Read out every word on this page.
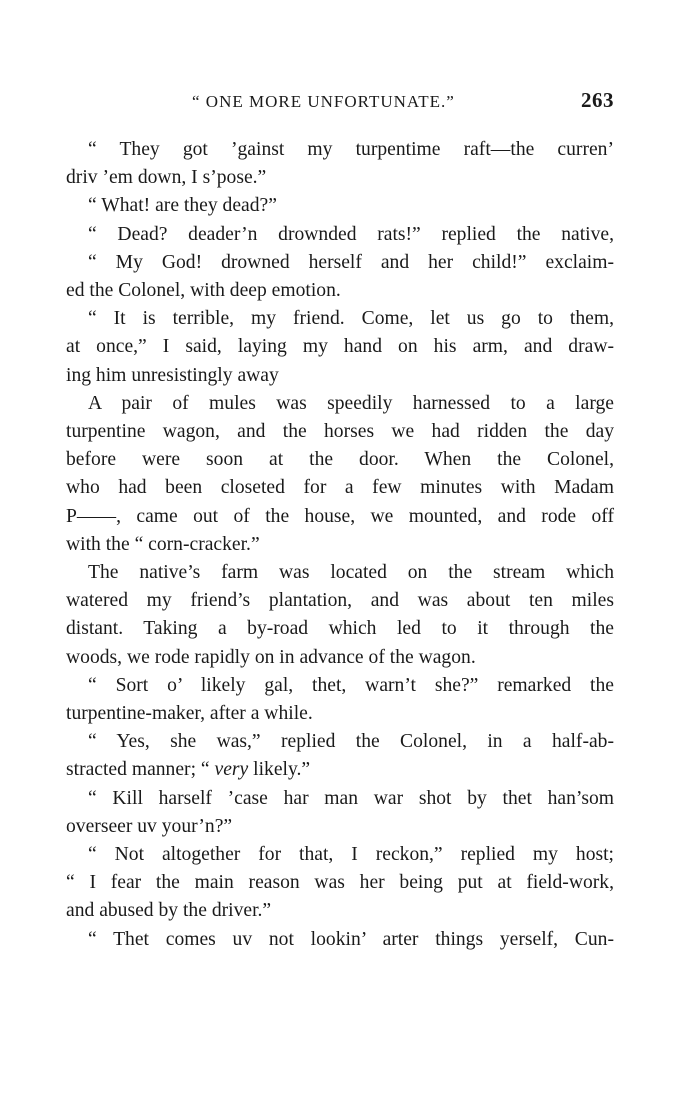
“ ONE MORE UNFORTUNATE.”	263
“ They got ’gainst my turpentime raft—the curren’
driv ’em down, I s’pose.”
“ What! are they dead?”
“ Dead? deader’n drownded rats!” replied the native,
“ My God! drowned herself and her child!” exclaim-
ed the Colonel, with deep emotion.
“ It is terrible, my friend. Come, let us go to them,
at once,” I said, laying my hand on his arm, and draw-
ing him unresistingly away
A pair of mules was speedily harnessed to a large
turpentine wagon, and the horses we had ridden the day
before were soon at the door. When the Colonel,
who had been closeted for a few minutes with Madam
P——, came out of the house, we mounted, and rode off
with the “ corn-cracker.”
The native’s farm was located on the stream which
watered my friend’s plantation, and was about ten miles
distant. Taking a by-road which led to it through the
woods, we rode rapidly on in advance of the wagon.
“ Sort o’ likely gal, thet, warn’t she?” remarked the
turpentine-maker, after a while.
“ Yes, she was,” replied the Colonel, in a half-ab-
stracted manner; “ very likely.”
“ Kill harself ’case har man war shot by thet han’som
overseer uv your’n?”
“ Not altogether for that, I reckon,” replied my host;
“ I fear the main reason was her being put at field-work,
and abused by the driver.”
“ Thet comes uv not lookin’ arter things yerself, Cun-
